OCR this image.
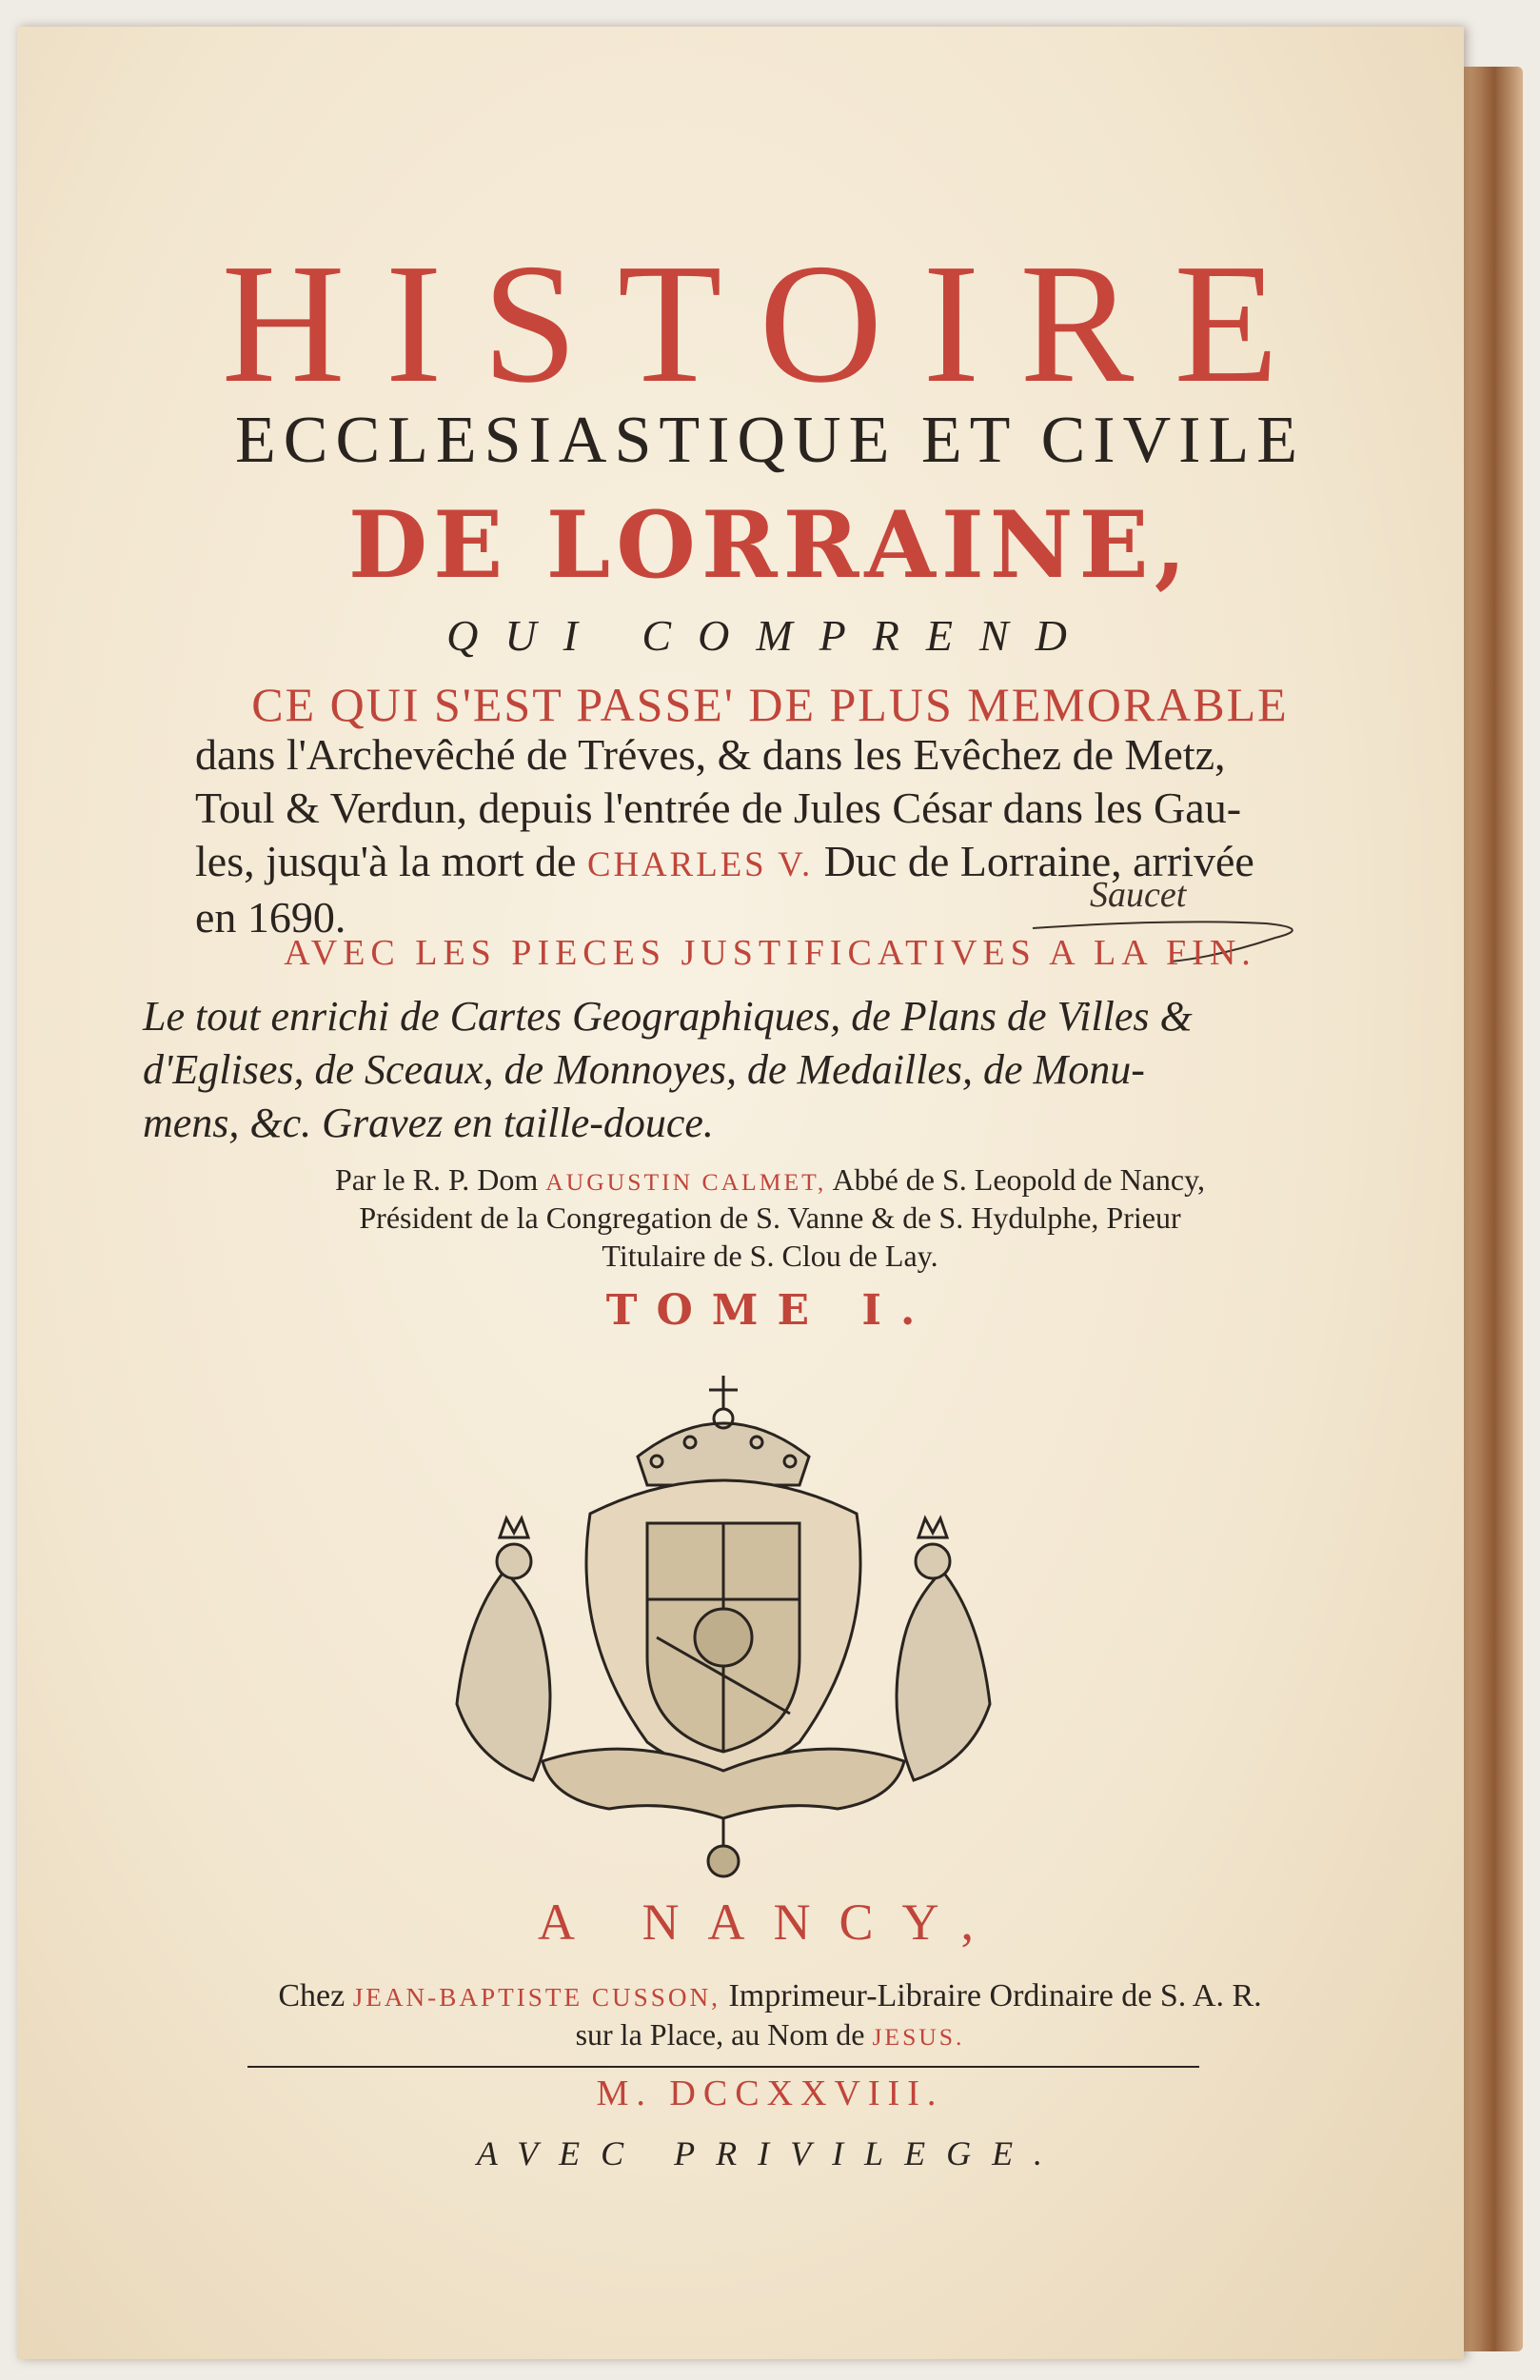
HISTOIRE
ECCLESIASTIQUE ET CIVILE
DE LORRAINE,
QUI COMPREND
CE QUI S'EST PASSE' DE PLUS MEMORABLE

dans l'Archevêché de Tréves, & dans les Evêchez de Metz,

Toul & Verdun, depuis l'entrée de Jules César dans les Gau-

les, jusqu'à la mort de CHARLES V. Duc de Lorraine, arrivée

en 1690.	Saucet
AVEC LES PIECES JUSTIFICATIVES A LA FIN.
Le tout enrichi de Cartes Geographiques, de Plans de Villes &
d'Eglises, de Sceaux, de Monnoyes, de Medailles, de Monu-
mens, &c. Gravez en taille-douce.
Par le R. P. Dom AUGUSTIN CALMET, Abbé de S. Leopold de Nancy,
Président de la Congregation de S. Vanne & de S. Hydulphe, Prieur
Titulaire de S. Clou de Lay.
TOME I.
A NANCY,
Chez JEAN-BAPTISTE CUSSON, Imprimeur-Libraire Ordinaire de S. A. R.
sur la Place, au Nom de JESUS.
M. DCCXXVIII.
AVEC PRIVILEGE.
